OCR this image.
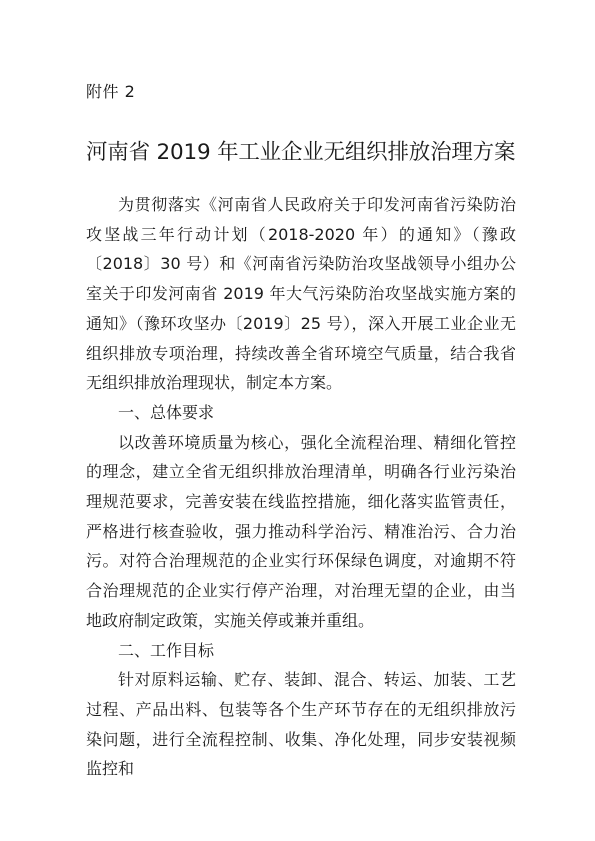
附件 2
河南省 2019 年工业企业无组织排放治理方案

为贯彻落实《河南省人民政府关于印发河南省污染防治攻坚战三年行动计划（2018-2020 年）的通知》（豫政〔2018〕30 号）和《河南省污染防治攻坚战领导小组办公室关于印发河南省 2019 年大气污染防治攻坚战实施方案的通知》（豫环攻坚办〔2019〕25 号），深入开展工业企业无组织排放专项治理，持续改善全省环境空气质量，结合我省无组织排放治理现状，制定本方案。

一、总体要求

以改善环境质量为核心，强化全流程治理、精细化管控的理念，建立全省无组织排放治理清单，明确各行业污染治理规范要求，完善安装在线监控措施，细化落实监管责任，严格进行核查验收，强力推动科学治污、精准治污、合力治污。对符合治理规范的企业实行环保绿色调度，对逾期不符合治理规范的企业实行停产治理，对治理无望的企业，由当地政府制定政策，实施关停或兼并重组。

二、工作目标

针对原料运输、贮存、装卸、混合、转运、加装、工艺过程、产品出料、包装等各个生产环节存在的无组织排放污染问题，进行全流程控制、收集、净化处理，同步安装视频监控和
